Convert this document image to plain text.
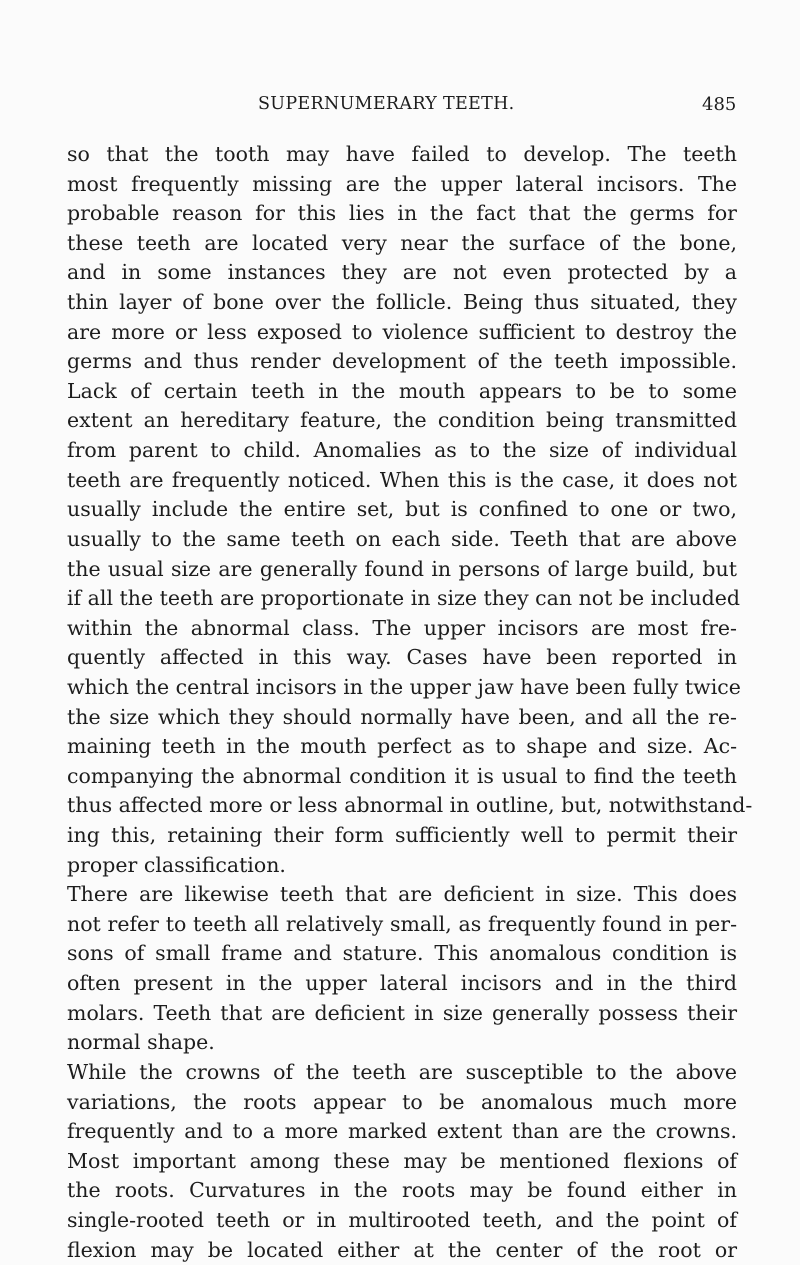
SUPERNUMERARY TEETH.	485
so that the tooth may have failed to develop. The teeth
most frequently missing are the upper lateral incisors. The
probable reason for this lies in the fact that the germs for
these teeth are located very near the surface of the bone,
and in some instances they are not even protected by a
thin layer of bone over the follicle. Being thus situated, they
are more or less exposed to violence sufficient to destroy the
germs and thus render development of the teeth impossible.
Lack of certain teeth in the mouth appears to be to some
extent an hereditary feature, the condition being transmitted
from parent to child. Anomalies as to the size of individual
teeth are frequently noticed. When this is the case, it does not
usually include the entire set, but is confined to one or two,
usually to the same teeth on each side. Teeth that are above
the usual size are generally found in persons of large build, but
if all the teeth are proportionate in size they can not be included
within the abnormal class. The upper incisors are most fre-
quently affected in this way. Cases have been reported in
which the central incisors in the upper jaw have been fully twice
the size which they should normally have been, and all the re-
maining teeth in the mouth perfect as to shape and size. Ac-
companying the abnormal condition it is usual to find the teeth
thus affected more or less abnormal in outline, but, notwithstand-
ing this, retaining their form sufficiently well to permit their
proper classification.
There are likewise teeth that are deficient in size. This does
not refer to teeth all relatively small, as frequently found in per-
sons of small frame and stature. This anomalous condition is
often present in the upper lateral incisors and in the third
molars. Teeth that are deficient in size generally possess their
normal shape.
While the crowns of the teeth are susceptible to the above
variations, the roots appear to be anomalous much more
frequently and to a more marked extent than are the crowns.
Most important among these may be mentioned flexions of
the roots. Curvatures in the roots may be found either in
single-rooted teeth or in multirooted teeth, and the point of
flexion may be located either at the center of the root or
